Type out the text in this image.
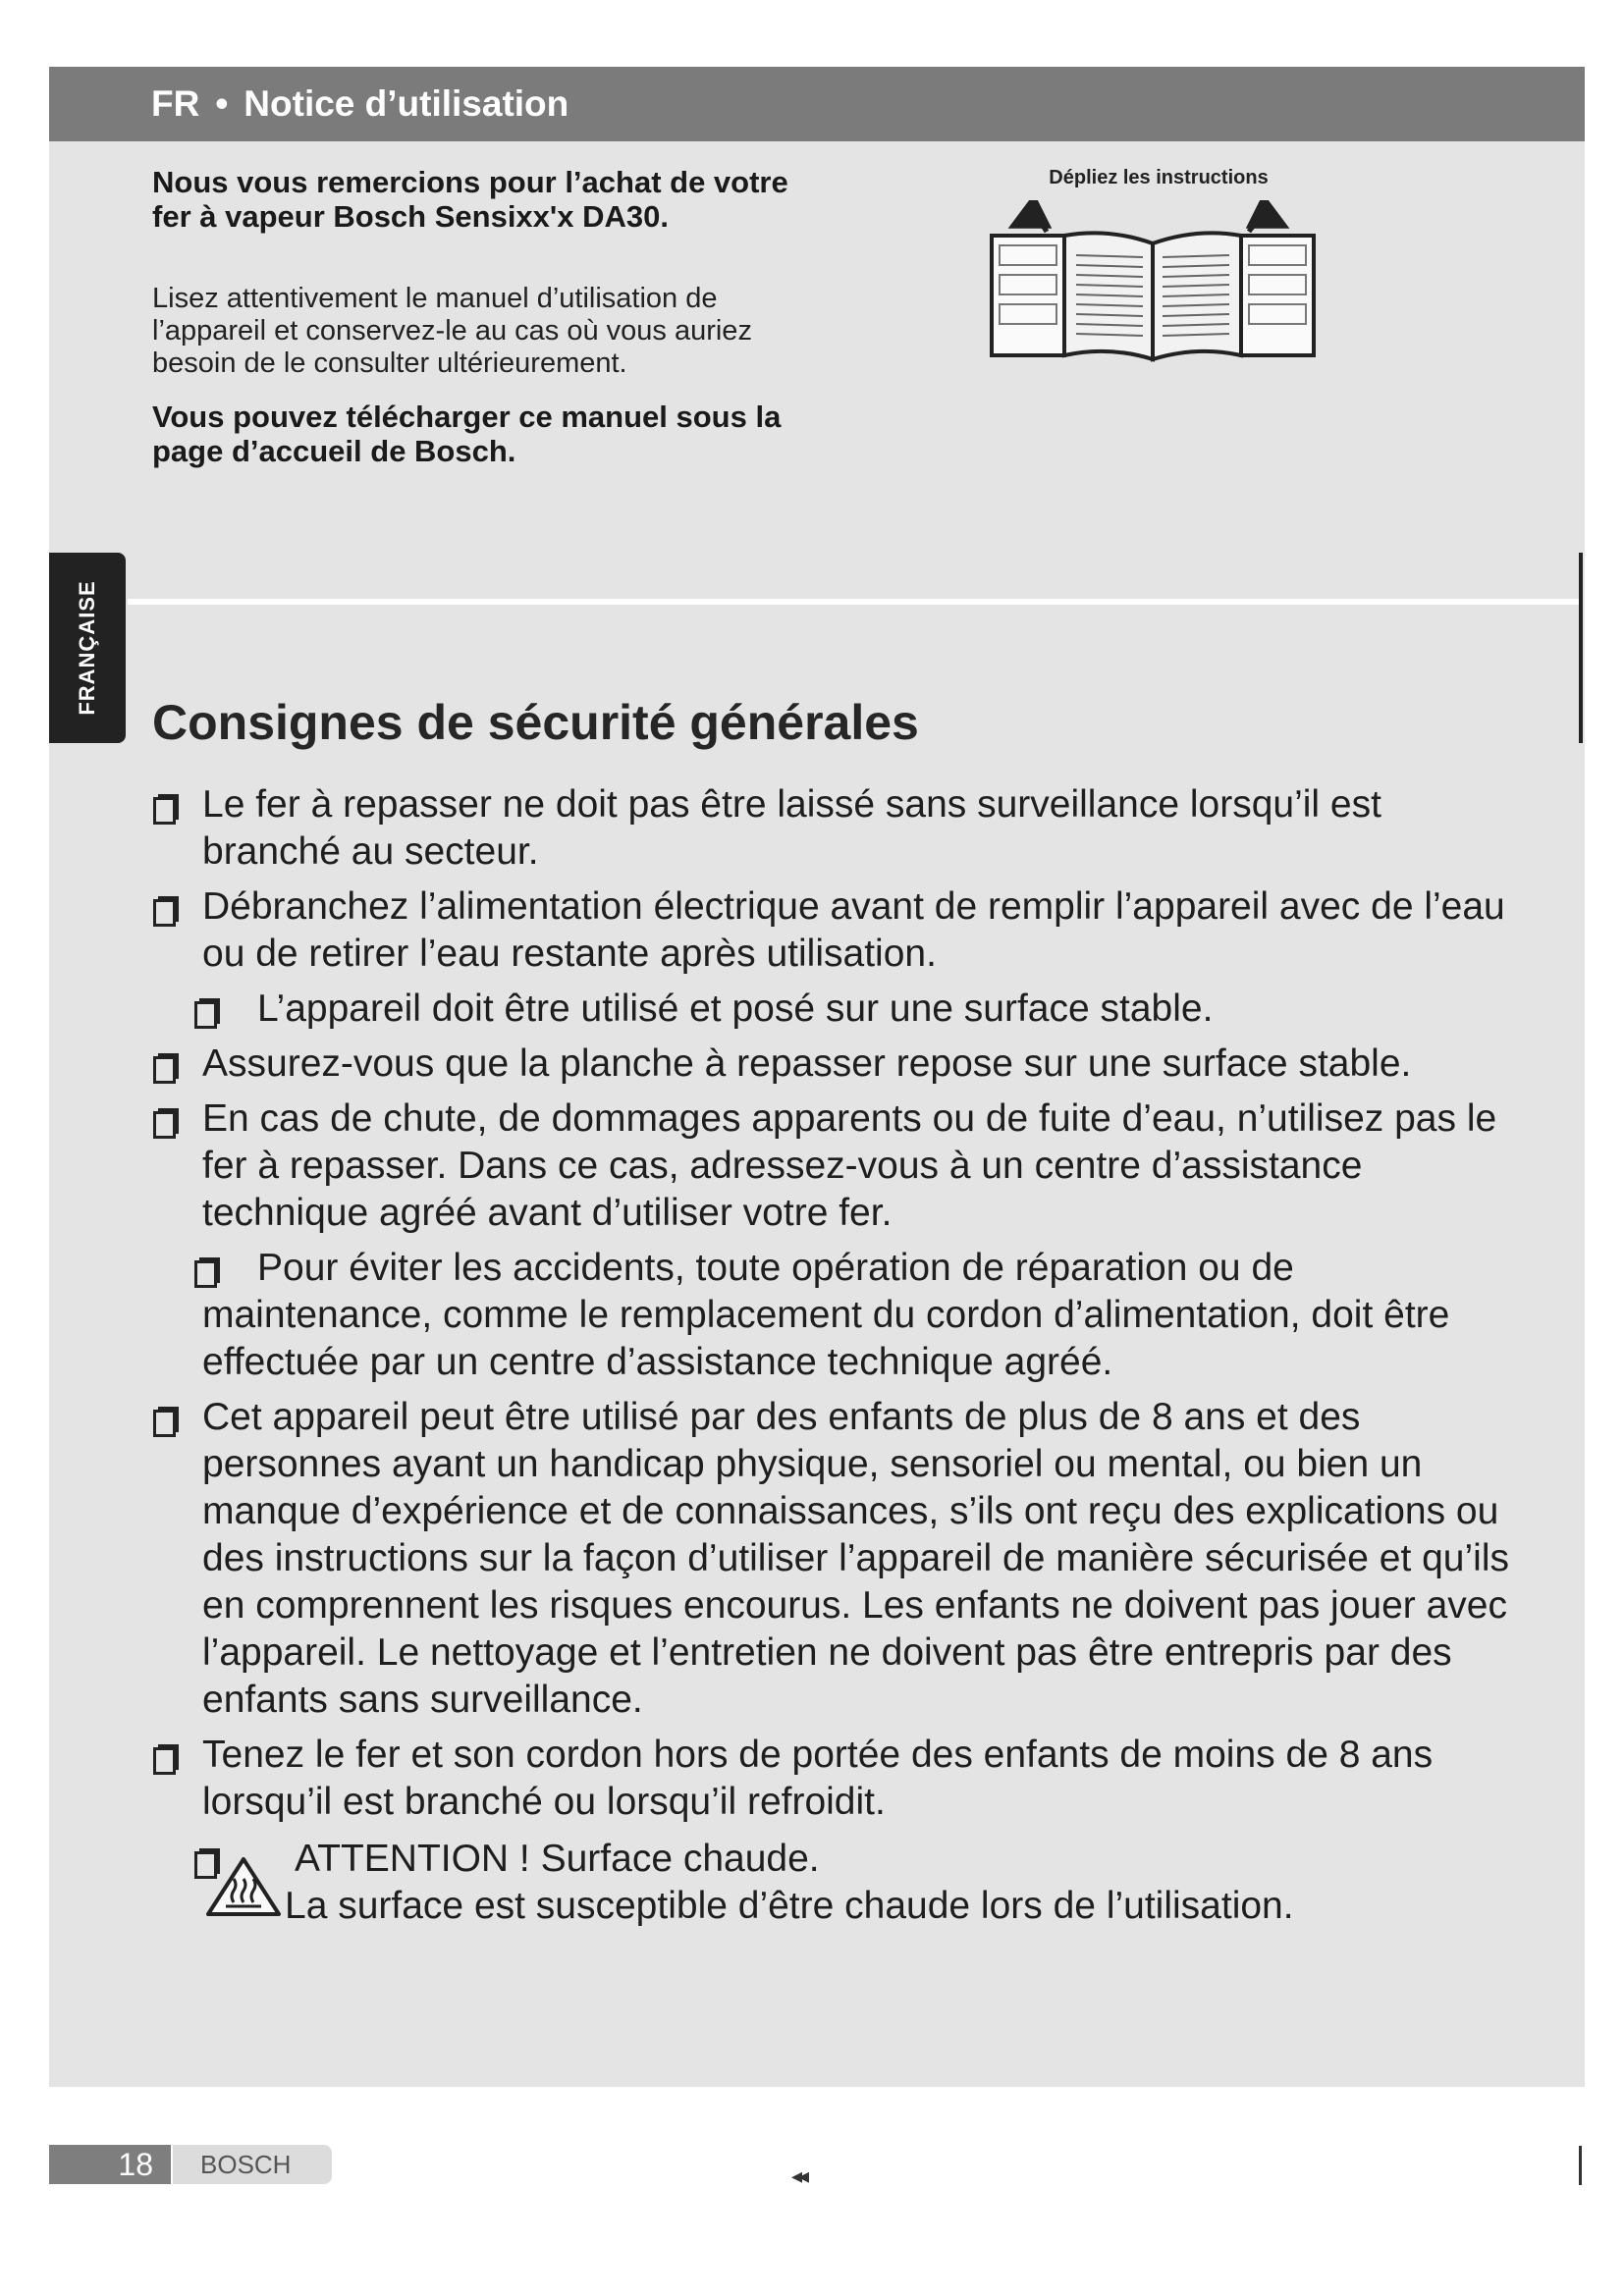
FR • Notice d’utilisation
Nous vous remercions pour l’achat de votre fer à vapeur Bosch Sensixx'x DA30.
Lisez attentivement le manuel d’utilisation de l’appareil et conservez-le au cas où vous auriez besoin de le consulter ultérieurement.
Vous pouvez télécharger ce manuel sous la page d’accueil de Bosch.
Dépliez les instructions
FRANÇAISE
Consignes de sécurité générales
Le fer à repasser ne doit pas être laissé sans surveillance lorsqu’il est branché au secteur.
Débranchez l’alimentation électrique avant de remplir l’appareil avec de l’eau ou de retirer l’eau restante après utilisation.
L’appareil doit être utilisé et posé sur une surface stable.
Assurez-vous que la planche à repasser repose sur une surface stable.
En cas de chute, de dommages apparents ou de fuite d’eau, n’utilisez pas le fer à repasser. Dans ce cas, adressez-vous à un centre d’assistance technique agréé avant d’utiliser votre fer.
Pour éviter les accidents, toute opération de réparation ou de maintenance, comme le remplacement du cordon d’alimentation, doit être effectuée par un centre d’assistance technique agréé.
Cet appareil peut être utilisé par des enfants de plus de 8 ans et des personnes ayant un handicap physique, sensoriel ou mental, ou bien un manque d’expérience et de connaissances, s’ils ont reçu des explications ou des instructions sur la façon d’utiliser l’appareil de manière sécurisée et qu’ils en comprennent les risques encourus. Les enfants ne doivent pas jouer avec l’appareil. Le nettoyage et l’entretien ne doivent pas être entrepris par des enfants sans surveillance.
Tenez le fer et son cordon hors de portée des enfants de moins de 8 ans lorsqu’il est branché ou lorsqu’il refroidit.
ATTENTION ! Surface chaude.
La surface est susceptible d’être chaude lors de l’utilisation.
18	BOSCH	◂◂
